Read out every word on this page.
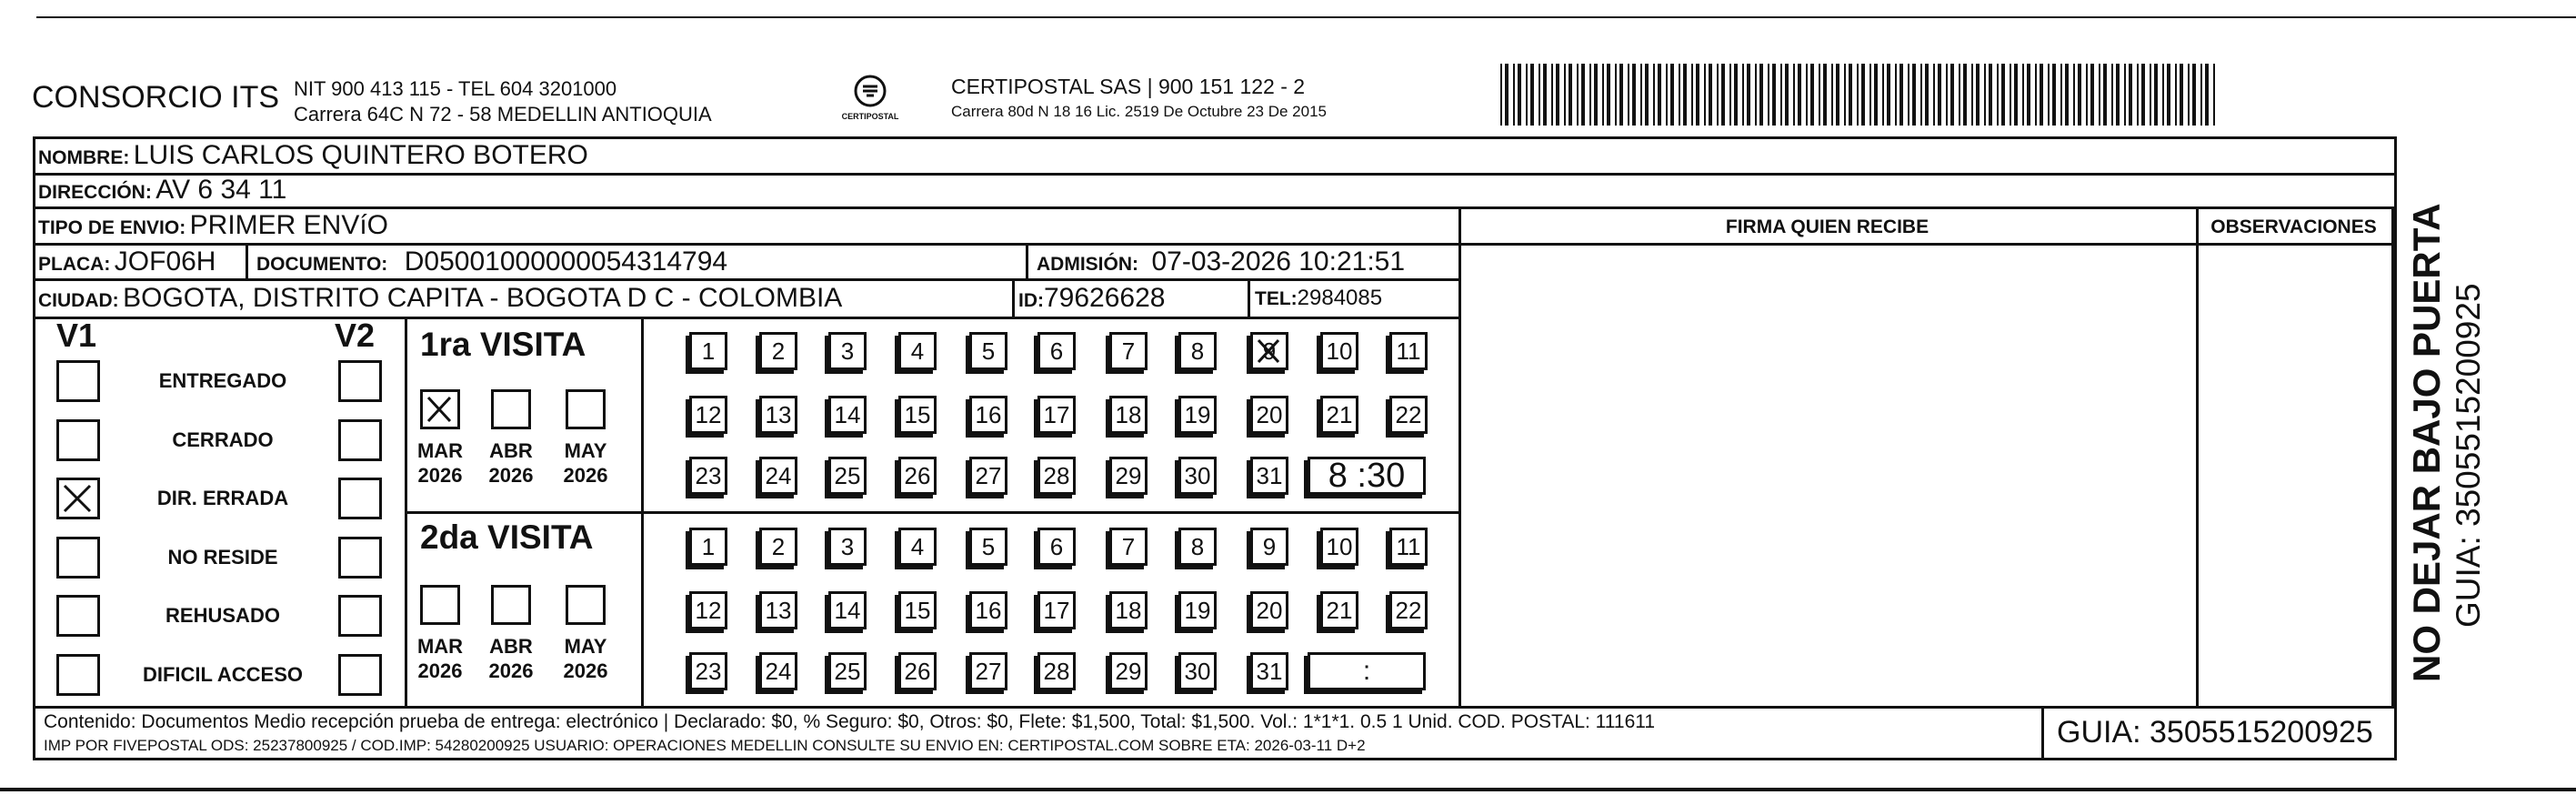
CONSORCIO ITS NIT 900 413 115 - TEL 604 3201000
Carrera 64C N 72 - 58 MEDELLIN ANTIOQUIA	CERTIPOSTAL
CERTIPOSTAL SAS | 900 151 122 - 2
Carrera 80d N 18 16 Lic. 2519 De Octubre 23 De 2015
NOMBRE: LUIS CARLOS QUINTERO BOTERO
DIRECCIÓN: AV 6 34 11
TIPO DE ENVIO: PRIMER ENVíO	FIRMA QUIEN RECIBE	OBSERVACIONES
PLACA: JOF06H DOCUMENTO: D05001000000054314794	ADMISIÓN: 07-03-2026 10:21:51
CIUDAD: BOGOTA, DISTRITO CAPITA - BOGOTA D C - COLOMBIA	ID:79626628	TEL:2984085
V1	V2
ENTREGADO
CERRADO
DIR. ERRADA
NO RESIDE
REHUSADO
DIFICIL ACCESO
1ra VISITA
2da VISITA
MAR
2026
ABR
2026
MAY
2026
1 2 3 4 5 6 7 8 9 10 11
12 13 14 15 16 17 18 19 20 21 22
23 24 25 26 27 28 29 30 31	8 :30
MAR
2026
ABR
2026
MAY
2026
1 2 3 4 5 6 7 8 9 10 11
12 13 14 15 16 17 18 19 20 21 22
23 24 25 26 27 28 29 30 31	:
Contenido: Documentos Medio recepción prueba de entrega: electrónico | Declarado: $0, % Seguro: $0, Otros: $0, Flete: $1,500, Total: $1,500. Vol.: 1*1*1. 0.5 1 Unid. COD. POSTAL: 111611
IMP POR FIVEPOSTAL ODS: 25237800925 / COD.IMP: 54280200925 USUARIO: OPERACIONES MEDELLIN CONSULTE SU ENVIO EN: CERTIPOSTAL.COM SOBRE ETA: 2026-03-11 D+2	GUIA: 3505515200925
NO DEJAR BAJO PUERTA GUIA: 3505515200925
